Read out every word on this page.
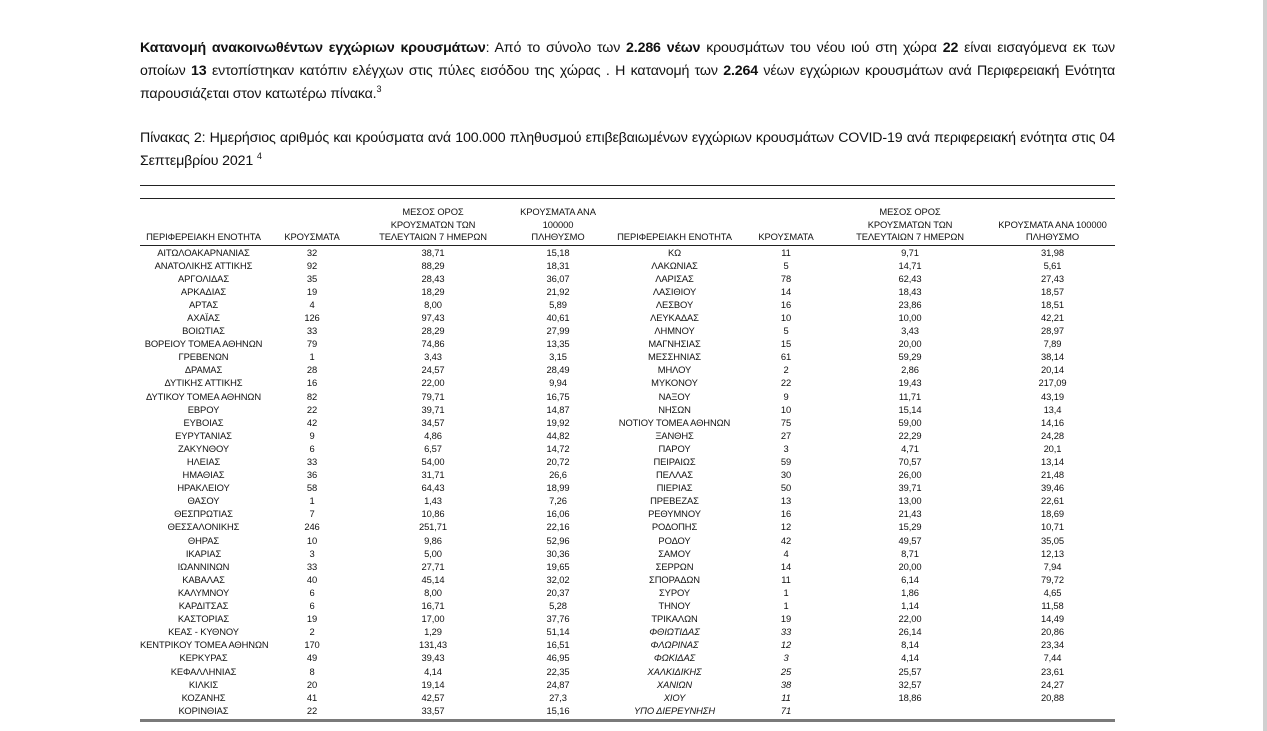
Κατανομή ανακοινωθέντων εγχώριων κρουσμάτων: Από το σύνολο των 2.286 νέων κρουσμάτων του νέου ιού στη χώρα 22 είναι εισαγόμενα εκ των οποίων 13 εντοπίστηκαν κατόπιν ελέγχων στις πύλες εισόδου της χώρας . Η κατανομή των 2.264 νέων εγχώριων κρουσμάτων ανά Περιφερειακή Ενότητα παρουσιάζεται στον κατωτέρω πίνακα.$^3$
Πίνακας 2: Ημερήσιος αριθμός και κρούσματα ανά 100.000 πληθυσμού επιβεβαιωμένων εγχώριων κρουσμάτων COVID-19 ανά περιφερειακή ενότητα στις 04 Σεπτεμβρίου 2021 $^4$
ΠΕΡΙΦΕΡΕΙΑΚΗ ΕΝΟΤΗΤΑ	ΚΡΟΥΣΜΑΤΑ	ΜΕΣΟΣ ΟΡΟΣ
ΚΡΟΥΣΜΑΤΩΝ ΤΩΝ
ΤΕΛΕΥΤΑΙΩΝ 7 ΗΜΕΡΩΝ	ΚΡΟΥΣΜΑΤΑ ΑΝΑ 100000
ΠΛΗΘΥΣΜΟ	ΠΕΡΙΦΕΡΕΙΑΚΗ ΕΝΟΤΗΤΑ	ΚΡΟΥΣΜΑΤΑ	ΜΕΣΟΣ ΟΡΟΣ
ΚΡΟΥΣΜΑΤΩΝ ΤΩΝ
ΤΕΛΕΥΤΑΙΩΝ 7 ΗΜΕΡΩΝ	ΚΡΟΥΣΜΑΤΑ ΑΝΑ 100000
ΠΛΗΘΥΣΜΟ
ΑΙΤΩΛΟΑΚΑΡΝΑΝΙΑΣ	32	38,71	15,18	ΚΩ	11	9,71	31,98
ΑΝΑΤΟΛΙΚΗΣ ΑΤΤΙΚΗΣ	92	88,29	18,31	ΛΑΚΩΝΙΑΣ	5	14,71	5,61
ΑΡΓΟΛΙΔΑΣ	35	28,43	36,07	ΛΑΡΙΣΑΣ	78	62,43	27,43
ΑΡΚΑΔΙΑΣ	19	18,29	21,92	ΛΑΣΙΘΙΟΥ	14	18,43	18,57
ΑΡΤΑΣ	4	8,00	5,89	ΛΕΣΒΟΥ	16	23,86	18,51
ΑΧΑΪΑΣ	126	97,43	40,61	ΛΕΥΚΑΔΑΣ	10	10,00	42,21
ΒΟΙΩΤΙΑΣ	33	28,29	27,99	ΛΗΜΝΟΥ	5	3,43	28,97
ΒΟΡΕΙΟΥ ΤΟΜΕΑ ΑΘΗΝΩΝ	79	74,86	13,35	ΜΑΓΝΗΣΙΑΣ	15	20,00	7,89
ΓΡΕΒΕΝΩΝ	1	3,43	3,15	ΜΕΣΣΗΝΙΑΣ	61	59,29	38,14
ΔΡΑΜΑΣ	28	24,57	28,49	ΜΗΛΟΥ	2	2,86	20,14
ΔΥΤΙΚΗΣ ΑΤΤΙΚΗΣ	16	22,00	9,94	ΜΥΚΟΝΟΥ	22	19,43	217,09
ΔΥΤΙΚΟΥ ΤΟΜΕΑ ΑΘΗΝΩΝ	82	79,71	16,75	ΝΑΞΟΥ	9	11,71	43,19
ΕΒΡΟΥ	22	39,71	14,87	ΝΗΣΩΝ	10	15,14	13,4
ΕΥΒΟΙΑΣ	42	34,57	19,92	ΝΟΤΙΟΥ ΤΟΜΕΑ ΑΘΗΝΩΝ	75	59,00	14,16
ΕΥΡΥΤΑΝΙΑΣ	9	4,86	44,82	ΞΑΝΘΗΣ	27	22,29	24,28
ΖΑΚΥΝΘΟΥ	6	6,57	14,72	ΠΑΡΟΥ	3	4,71	20,1
ΗΛΕΙΑΣ	33	54,00	20,72	ΠΕΙΡΑΙΩΣ	59	70,57	13,14
ΗΜΑΘΙΑΣ	36	31,71	26,6	ΠΕΛΛΑΣ	30	26,00	21,48
ΗΡΑΚΛΕΙΟΥ	58	64,43	18,99	ΠΙΕΡΙΑΣ	50	39,71	39,46
ΘΑΣΟΥ	1	1,43	7,26	ΠΡΕΒΕΖΑΣ	13	13,00	22,61
ΘΕΣΠΡΩΤΙΑΣ	7	10,86	16,06	ΡΕΘΥΜΝΟΥ	16	21,43	18,69
ΘΕΣΣΑΛΟΝΙΚΗΣ	246	251,71	22,16	ΡΟΔΟΠΗΣ	12	15,29	10,71
ΘΗΡΑΣ	10	9,86	52,96	ΡΟΔΟΥ	42	49,57	35,05
ΙΚΑΡΙΑΣ	3	5,00	30,36	ΣΑΜΟΥ	4	8,71	12,13
ΙΩΑΝΝΙΝΩΝ	33	27,71	19,65	ΣΕΡΡΩΝ	14	20,00	7,94
ΚΑΒΑΛΑΣ	40	45,14	32,02	ΣΠΟΡΑΔΩΝ	11	6,14	79,72
ΚΑΛΥΜΝΟΥ	6	8,00	20,37	ΣΥΡΟΥ	1	1,86	4,65
ΚΑΡΔΙΤΣΑΣ	6	16,71	5,28	ΤΗΝΟΥ	1	1,14	11,58
ΚΑΣΤΟΡΙΑΣ	19	17,00	37,76	ΤΡΙΚΑΛΩΝ	19	22,00	14,49
ΚΕΑΣ - ΚΥΘΝΟΥ	2	1,29	51,14	ΦΘΙΩΤΙΔΑΣ	33	26,14	20,86
ΚΕΝΤΡΙΚΟΥ ΤΟΜΕΑ ΑΘΗΝΩΝ	170	131,43	16,51	ΦΛΩΡΙΝΑΣ	12	8,14	23,34
ΚΕΡΚΥΡΑΣ	49	39,43	46,95	ΦΩΚΙΔΑΣ	3	4,14	7,44
ΚΕΦΑΛΛΗΝΙΑΣ	8	4,14	22,35	ΧΑΛΚΙΔΙΚΗΣ	25	25,57	23,61
ΚΙΛΚΙΣ	20	19,14	24,87	ΧΑΝΙΩΝ	38	32,57	24,27
ΚΟΖΑΝΗΣ	41	42,57	27,3	ΧΙΟΥ	11	18,86	20,88
ΚΟΡΙΝΘΙΑΣ	22	33,57	15,16	ΥΠΟ ΔΙΕΡΕΥΝΗΣΗ	71		
